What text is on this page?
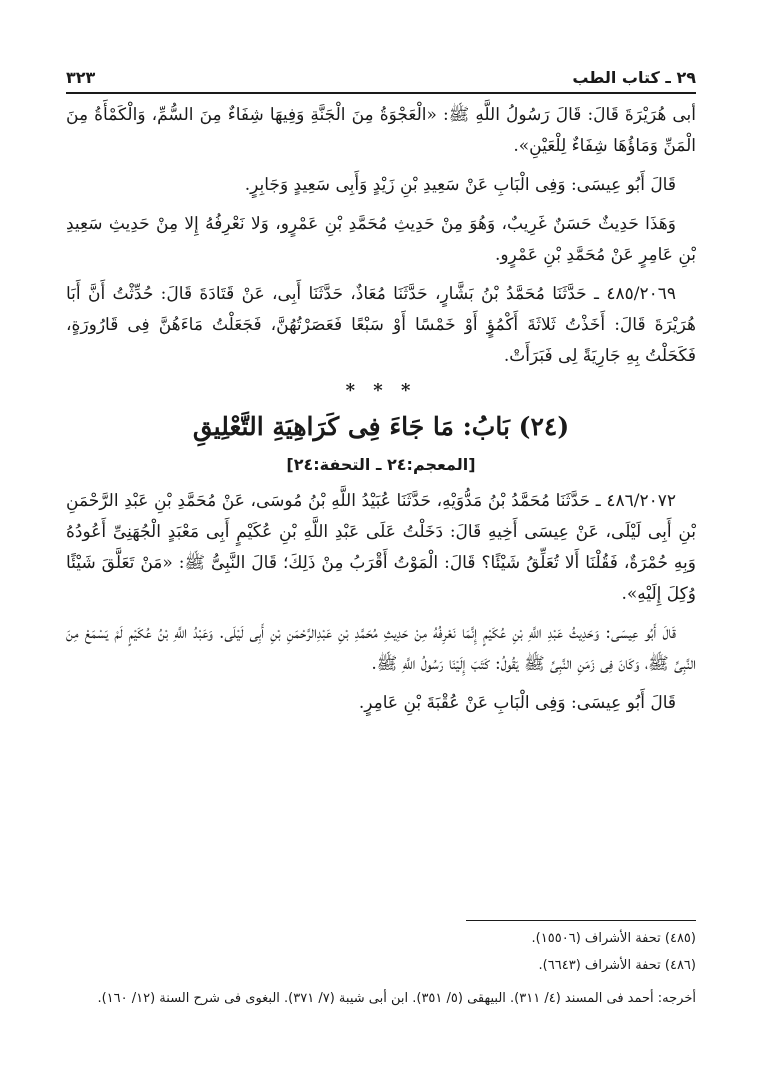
٢٩ ـ كتاب الطب
٣٢٣

أبى هُرَيْرَةَ قَالَ: قَالَ رَسُولُ اللَّهِ ﷺ: «الْعَجْوَةُ مِنَ الْجَنَّةِ وَفِيهَا شِفَاءٌ مِنَ السُّمِّ، وَالْكَمْأَةُ مِنَ الْمَنِّ وَمَاؤُهَا شِفَاءٌ لِلْعَيْنِ».

قَالَ أَبُو عِيسَى: وَفِى الْبَابِ عَنْ سَعِيدِ بْنِ زَيْدٍ وَأَبِى سَعِيدٍ وَجَابِرٍ.

وَهَذَا حَدِيثٌ حَسَنٌ غَرِيبٌ، وَهُوَ مِنْ حَدِيثِ مُحَمَّدِ بْنِ عَمْرٍو، وَلا نَعْرِفُهُ إِلا مِنْ حَدِيثِ سَعِيدِ بْنِ عَامِرٍ عَنْ مُحَمَّدِ بْنِ عَمْرٍو.

٤٨٥/٢٠٦٩ ـ حَدَّثَنَا مُحَمَّدُ بْنُ بَشَّارٍ، حَدَّثَنَا مُعَاذٌ، حَدَّثَنَا أَبِى، عَنْ قَتَادَةَ قَالَ: حُدِّثْتُ أَنَّ أَبَا هُرَيْرَةَ قَالَ: أَخَذْتُ ثَلاثَةَ أَكْمُؤٍ أَوْ خَمْسًا أَوْ سَبْعًا فَعَصَرْتُهُنَّ، فَجَعَلْتُ مَاءَهُنَّ فِى قَارُورَةٍ، فَكَحَلْتُ بِهِ جَارِيَةً لِى فَبَرَأَتْ.

* * *
(٢٤) بَابُ: مَا جَاءَ فِى كَرَاهِيَةِ التَّعْلِيقِ
[المعجم:٢٤ ـ التحفة:٢٤]

٤٨٦/٢٠٧٢ ـ حَدَّثَنَا مُحَمَّدُ بْنُ مَدُّوَيْهِ، حَدَّثَنَا عُبَيْدُ اللَّهِ بْنُ مُوسَى، عَنْ مُحَمَّدِ بْنِ عَبْدِ الرَّحْمَنِ بْنِ أَبِى لَيْلَى، عَنْ عِيسَى أَخِيهِ قَالَ: دَخَلْتُ عَلَى عَبْدِ اللَّهِ بْنِ عُكَيْمٍ أَبِى مَعْبَدٍ الْجُهَنِىِّ أَعُودُهُ وَبِهِ حُمْرَةٌ، فَقُلْنَا أَلا تُعَلِّقُ شَيْئًا؟ قَالَ: الْمَوْتُ أَقْرَبُ مِنْ ذَلِكَ؛ قَالَ النَّبِىُّ ﷺ: «مَنْ تَعَلَّقَ شَيْئًا وُكِلَ إِلَيْهِ».

قَالَ أَبُو عِيسَى: وَحَدِيثُ عَبْدِ اللَّهِ بْنِ عُكَيْمٍ إِنَّمَا نَعْرِفُهُ مِنْ حَدِيثِ مُحَمَّدِ بْنِ عَبْدِالرَّحْمَنِ بْنِ أَبِى لَيْلَى. وَعَبْدُ اللَّهِ بْنُ عُكَيْمٍ لَمْ يَسْمَعْ مِنَ النَّبِىِّ ﷺ، وَكَانَ فِى زَمَنِ النَّبِىِّ ﷺ يَقُولُ: كَتَبَ إِلَيْنَا رَسُولُ اللَّهِ ﷺ.

قَالَ أَبُو عِيسَى: وَفِى الْبَابِ عَنْ عُقْبَةَ بْنِ عَامِرٍ.

(٤٨٥) تحفة الأشراف (١٥٥٠٦).

(٤٨٦) تحفة الأشراف (٦٦٤٣).

أخرجه: أحمد فى المسند (٤/ ٣١١). البيهقى (٥/ ٣٥١). ابن أبى شيبة (٧/ ٣٧١). البغوى فى شرح السنة (١٢/ ١٦٠).
